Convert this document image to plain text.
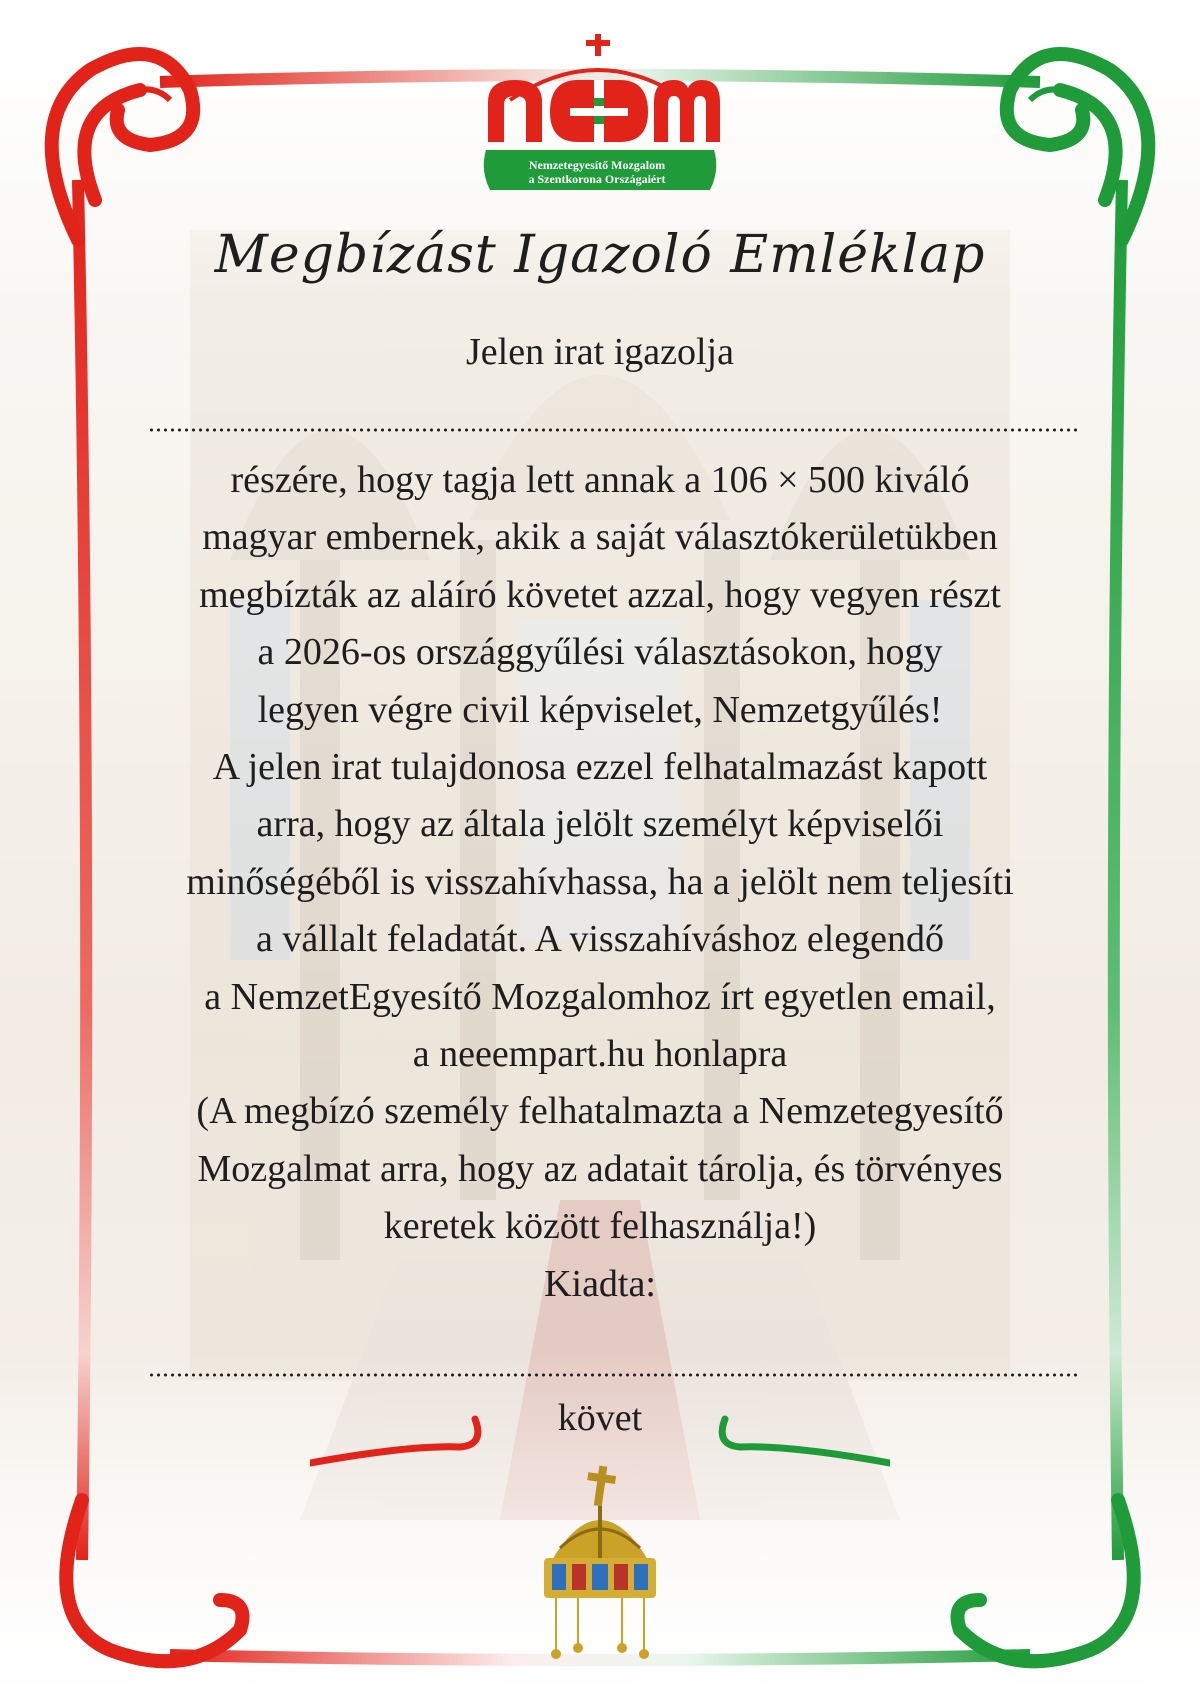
Nemzetegyesítő Mozgalom
a Szentkorona Országaiért
Megbízást Igazoló Emléklap
Jelen irat igazolja
részére, hogy tagja lett annak a 106 × 500 kiváló
magyar embernek, akik a saját választókerületükben
megbízták az aláíró követet azzal, hogy vegyen részt
a 2026-os országgyűlési választásokon, hogy
legyen végre civil képviselet, Nemzetgyűlés!
A jelen irat tulajdonosa ezzel felhatalmazást kapott
arra, hogy az általa jelölt személyt képviselői
minőségéből is visszahívhassa, ha a jelölt nem teljesíti
a vállalt feladatát. A visszahíváshoz elegendő
a NemzetEgyesítő Mozgalomhoz írt egyetlen email,
a neeempart.hu honlapra
(A megbízó személy felhatalmazta a Nemzetegyesítő
Mozgalmat arra, hogy az adatait tárolja, és törvényes
keretek között felhasználja!)
Kiadta:
követ
